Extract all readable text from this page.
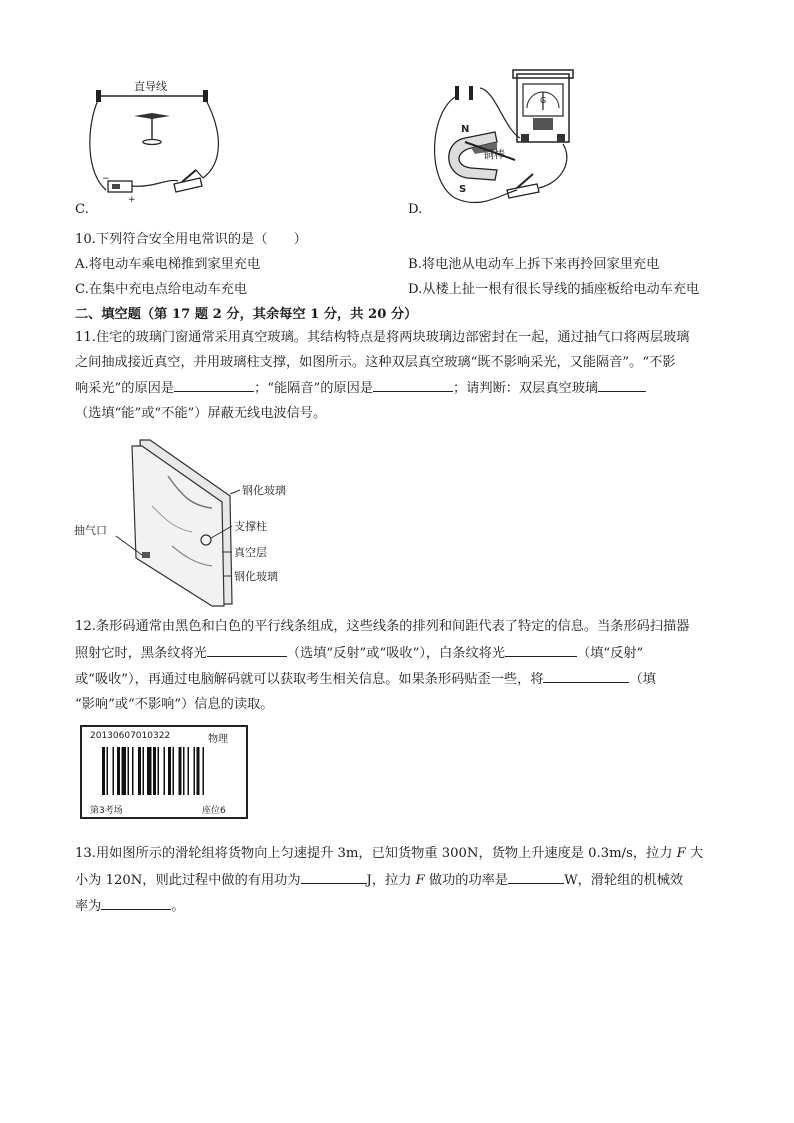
直导线
−
+
C.
G
N
S
铜棒
D.
10.下列符合安全用电常识的是（　　）
A.将电动车乘电梯推到家里充电	B.将电池从电动车上拆下来再拎回家里充电
C.在集中充电点给电动车充电	D.从楼上扯一根有很长导线的插座板给电动车充电
二、填空题（第 17 题 2 分，其余每空 1 分，共 20 分）
11.住宅的玻璃门窗通常采用真空玻璃。其结构特点是将两块玻璃边部密封在一起，通过抽气口将两层玻璃
之间抽成接近真空，并用玻璃柱支撑，如图所示。这种双层真空玻璃“既不影响采光，又能隔音”。“不影
响采光”的原因是	；“能隔音”的原因是	；请判断：双层真空玻璃
（选填“能”或“不能”）屏蔽无线电波信号。
钢化玻璃
支撑柱
真空层
钢化玻璃
抽气口
12.条形码通常由黑色和白色的平行线条组成，这些线条的排列和间距代表了特定的信息。当条形码扫描器
照射它时，黑条纹将光	（选填“反射”或“吸收”），白条纹将光	（填“反射”
或“吸收”），再通过电脑解码就可以获取考生相关信息。如果条形码贴歪一些，将	（填
“影响”或“不影响”）信息的读取。
20130607010322	物理
第3考场	座位6
13.用如图所示的滑轮组将货物向上匀速提升 3m，已知货物重 300N，货物上升速度是 0.3m/s，拉力 F 大
小为 120N，则此过程中做的有用功为	J，拉力 F 做功的功率是	W，滑轮组的机械效
率为	。
